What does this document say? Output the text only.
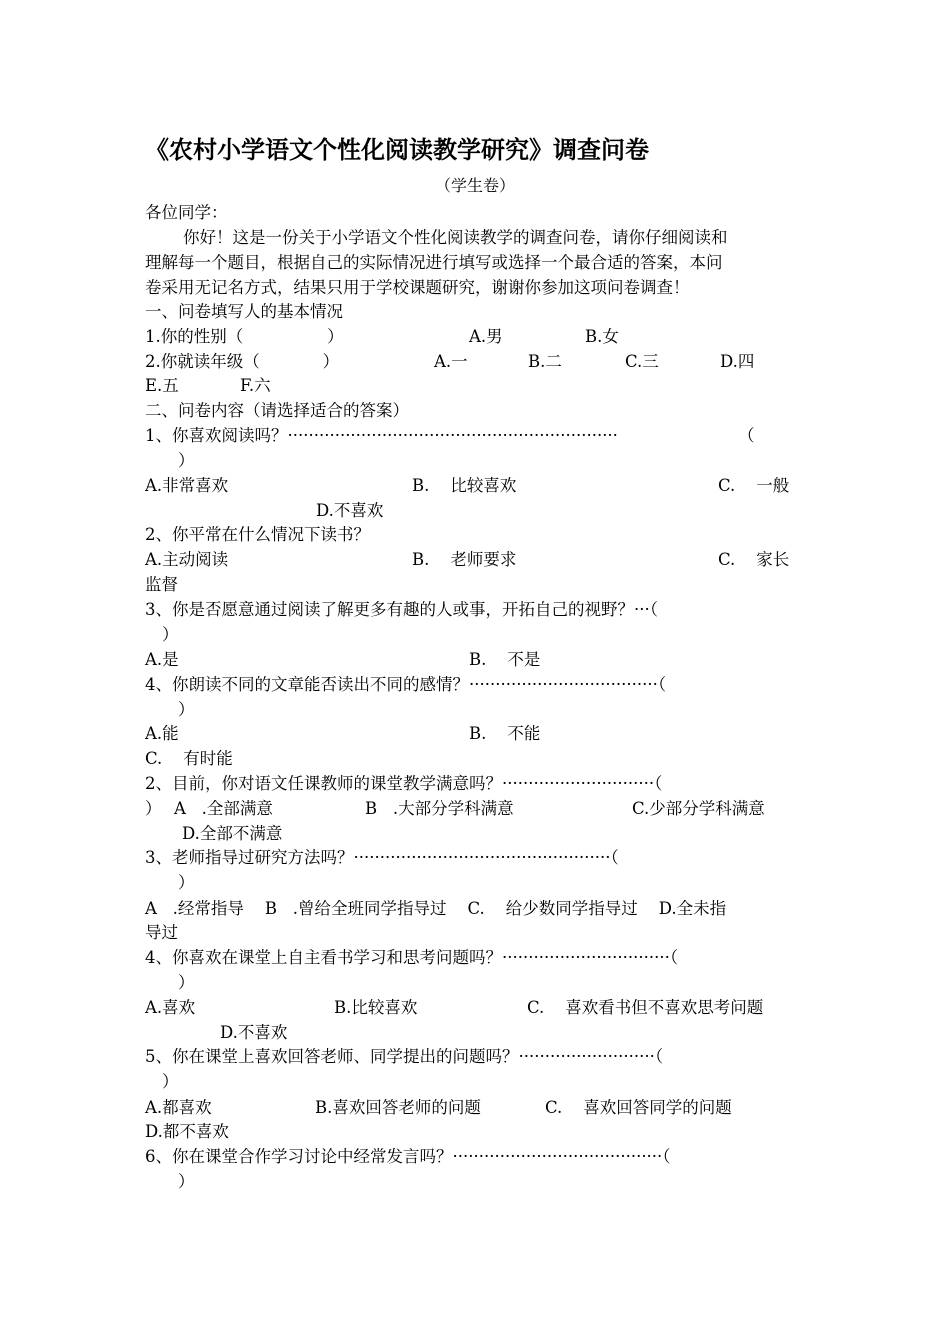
《农村小学语文个性化阅读教学研究》调查问卷
（学生卷）
各位同学：
你好！这是一份关于小学语文个性化阅读教学的调查问卷，请你仔细阅读和
理解每一个题目，根据自己的实际情况进行填写或选择一个最合适的答案，本问
卷采用无记名方式，结果只用于学校课题研究，谢谢你参加这项问卷调查！
一、问卷填写人的基本情况
1.你的性别（                ）	A.男	B.女
2.你就读年级（            ）	A.一	B.二	C.三	D.四
E.五	F.六
二、问卷内容（请选择适合的答案）
1、你喜欢阅读吗？·······························································	（
）
A.非常喜欢	B.    比较喜欢	C.    一般
D.不喜欢
2、你平常在什么情况下读书？
A.主动阅读	B.    老师要求	C.    家长
监督
3、你是否愿意通过阅读了解更多有趣的人或事，开拓自己的视野？···（
）
A.是	B.    不是
4、你朗读不同的文章能否读出不同的感情？····································（
）
A.能	B.    不能
C.    有时能
2、目前，你对语文任课教师的课堂教学满意吗？·····························（
） A   .全部满意	B   .大部分学科满意	C.少部分学科满意
D.全部不满意
3、老师指导过研究方法吗？·················································（
）
A   .经常指导    B   .曾给全班同学指导过    C.    给少数同学指导过    D.全未指
导过
4、你喜欢在课堂上自主看书学习和思考问题吗？································（
）
A.喜欢	B.比较喜欢	C.    喜欢看书但不喜欢思考问题
D.不喜欢
5、你在课堂上喜欢回答老师、同学提出的问题吗？··························（
）
A.都喜欢	B.喜欢回答老师的问题	C.    喜欢回答同学的问题
D.都不喜欢
6、你在课堂合作学习讨论中经常发言吗？········································（
）
